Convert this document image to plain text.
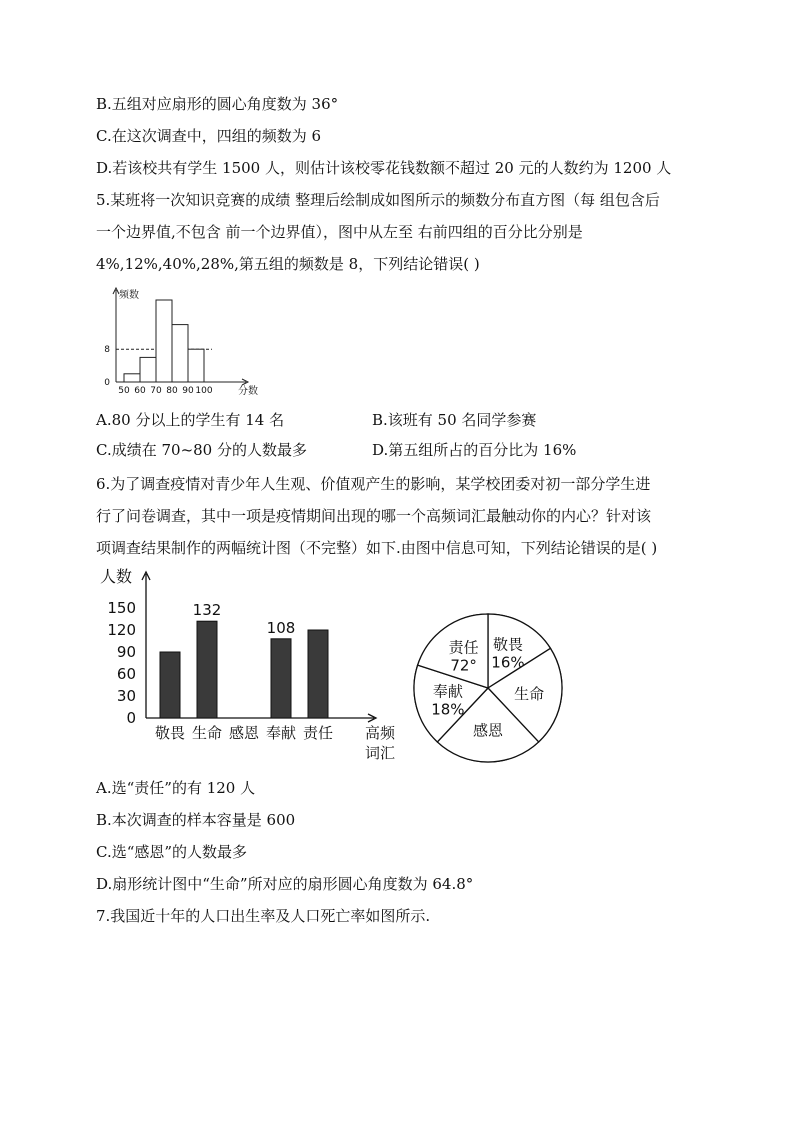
B.五组对应扇形的圆心角度数为 36°
C.在这次调查中，四组的频数为 6
D.若该校共有学生 1500 人，则估计该校零花钱数额不超过 20 元的人数约为 1200 人
5.某班将一次知识竞赛的成绩 整理后绘制成如图所示的频数分布直方图（每 组包含后
一个边界值,不包含 前一个边界值），图中从左至 右前四组的百分比分别是
4%,12%,40%,28%,第五组的频数是 8，下列结论错误( )
频数
分数
0
8
50 60 70 80 90 100
A.80 分以上的学生有 14 名	B.该班有 50 名同学参赛
C.成绩在 70~80 分的人数最多	D.第五组所占的百分比为 16%
6.为了调查疫情对青少年人生观、价值观产生的影响，某学校团委对初一部分学生进
行了问卷调查，其中一项是疫情期间出现的哪一个高频词汇最触动你的内心？针对该
项调查结果制作的两幅统计图（不完整）如下.由图中信息可知，下列结论错误的是( )
人数
0
30
60
90
120
150
敬畏 生命 感恩 奉献 责任
132
108
高频
词汇
敬畏
16%
生命
感恩
奉献
18%
责任
72°
A.选“责任”的有 120 人
B.本次调查的样本容量是 600
C.选“感恩”的人数最多
D.扇形统计图中“生命”所对应的扇形圆心角度数为 64.8°
7.我国近十年的人口出生率及人口死亡率如图所示.
